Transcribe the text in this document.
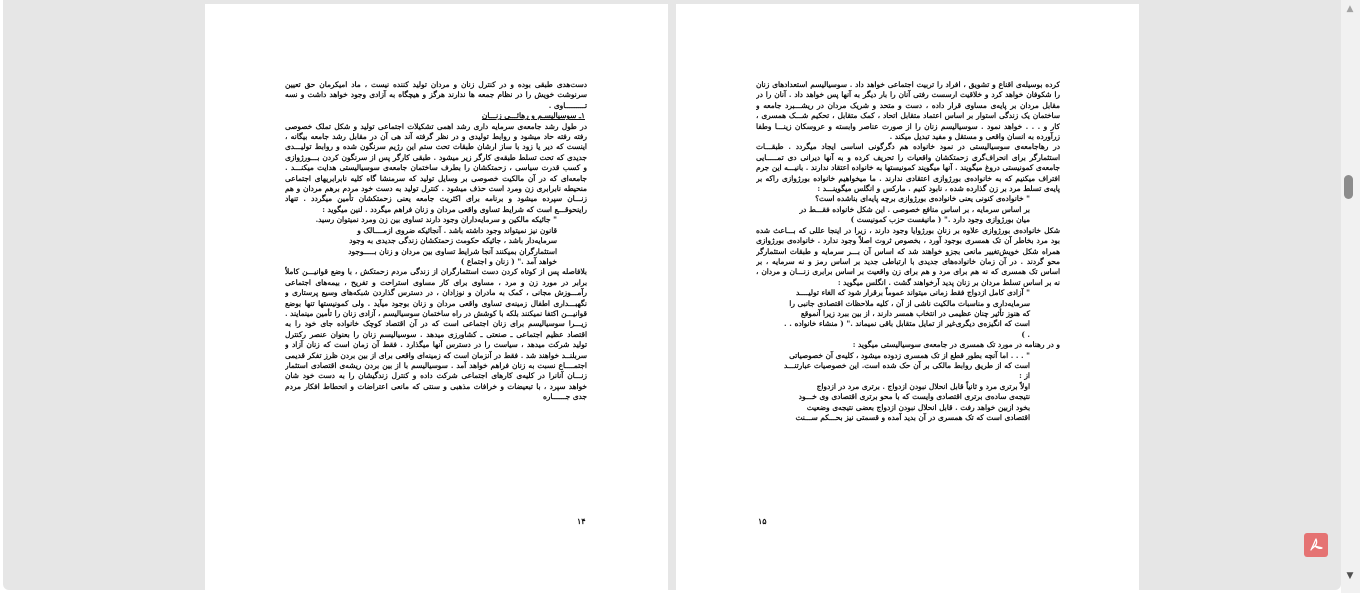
دست‌هدی طبقی بوده و در کنترل زنان و مردان تولید کننده نیست ، ماد امیکرمان حق تعیین سرنوشت خویش را در نظام جمعه ها ندارند هرگز و هیچگاه به آزادی وجود خواهد داشت و نسه تـــــــــاوی .

۱ـ سوسیالیسـم و رهائـــی زنـــان

در طول رشد جامعه‌ی سرمایه داری رشد اهمی تشکیلات اجتماعی تولید و شکل تملک خصوصی رفته رفته حاد میشود و روابط تولیدی و در نظر گرفته آند هی آن در مقابل رشد جامعه بیگانه ، اینست که دیر یا زود با ساز ارشان طبقات تحت ستم این رژیم سرنگون شده و روابط تولیـــدی جدیدی که تحت تسلط طبقه‌ی کارگر زیر میشود . طبقی کارگر پس از سرنگون کردن بـــورژوازی و کسب قدرت سیاسی ، زحمتکشان را بطرف ساختمان جامعه‌ی سوسیالیستی هدایت میکنـــد . جامعه‌ای که در آن مالکیت خصوصی بر وسایل تولید که سرمنشا گاه کلیه نابرابریهای اجتماعی منحیطه نابرابری زن ومرد است حذف میشود . کنترل تولید به دست خود مردم برهم مردان و هم زنـــان سپرده میشود و برنامه برای اکثریت جامعه یعنی زحمتکشان تأمین میگردد . تنهاد راینحوقـــع است که شرایط تساوی واقعی مردان و زنان فراهم میگردد . لنین میگوید :

" جائیکه مالکین و سرمایه‌داران وجود دارند تساوی بین زن ومرد نمیتوان رسید.

قانون نیز نمیتواند وجود داشته باشد . آنجائیکه ضروی ازمــــالک و

سرمایه‌دار باشد ، جائیکه حکومت زحمتکشان زندگی جدیدی به وجود

استثمارگران بمیکنند آنجا شرایط تساوی بین مردان و زنان بـــــوجود

خواهد آمد ." ( زنان و اجتماع )

بلافاصله پس از کوتاه کردن دست استثمارگران از زندگی مردم زحمتکش ، با وضع قوانیـــن کاملاً برابر در مورد زن و مرد ، مساوی برای کار مساوی استراحت و تفریح ، بیمه‌های اجتماعی رآمـــوزش مجانی ، کمک به مادران و نوزادان ، در دسترس گذاردن شبکه‌های وسیع پرستاری و نگهبـــداری اطفال زمینه‌ی تساوی واقعی مردان و زنان بوجود میآید . ولی کمونیستها تنها بوضع قوانیـــن اکتفا نمیکنند بلکه با کوشش در راه ساختمان سوسیالیسم ، آزادی زنان را تأمین مینمایند . زیـــرا سوسیالیسم برای زنان اجتماعی است که در آن اقتصاد کوچک خانواده جای خود را به اقتصاد عظیم اجتماعی ـ صنعتی ـ کشاورزی میدهد . سوسیالیسم زنان را بعنوان عنصر رکنترل تولید شرکت میدهد ، سیاست را در دسترس آنها میگذارد . فقط آن زمان است که زنان آزاد و سربلنــد خواهند شد . فقط در آنزمان است که زمینه‌ای واقعی برای از بین بردن ظرز تفکر قدیمی اجتمــــاع نسبت به زنان فراهم خواهد آمد . سوسیالیسم با از بین بردن ریشه‌ی اقتصادی استثمار زنـــان آنانرا در کلیه‌ی کارهای اجتماعی شرکت داده و کنترل زندگیشان را به دست خود شان خواهد سپرد ، با تبعیضات و خرافات مذهبی و سنتی که مانعی اعتراضات و انحطاط افکار مردم جدی جــــــاره

۱۴

کرده بوسیله‌ی اقناع و تشویق ، افراد را تربیت اجتماعی خواهد داد . سوسیالیسم استعدادهای زنان را شکوفان خواهد کرد و خلاقیت ارسست رفتی آنان را بار دیگر به آنها پس خواهد داد . آنان را در مقابل مردان بر پایه‌ی مساوی قرار داده ، دست و متحد و شریک مردان در ریشـــبرد جامعه و ساختمان یک زندگی استوار بر اساس اعتماد متقابل اتحاد ، کمک متقابل ، تحکیم شـــک همسری ، کار و . . . خواهد نمود . سوسیالیسم زنان را از صورت عناصر وابسته و عروسکان زینـــا وطفا زرآورده به انسان واقعی و مستقل و مفید تبدیل میکند .

در رهاجامعه‌ی سوسیالیستی در نمود خانواده هم دگرگونی اساسی ایجاد میگردد . طبقـــات استثمارگر برای انحراف‌گری زحمتکشان واقعیات را تحریف کرده و به آنها دیرانی دی تمـــــایی جامعه‌ی کمونیستی دروغ میگویند . آنها میگویند کمونیستها به خانواده اعتقاد ندارند . بانیـــه این جرم افتراف میکنیم که به خانواده‌ی بورژوازی اعتقادی ندارند . ما میخواهیم خانواده بورژوازی راکه بر پایه‌ی تسلط مرد بر زن گذارده شده ، نابود کنیم . مارکس و انگلس میگوینـــد :

" خانواده‌ی کنونی یعنی خانواده‌ی بورژوازی برچه پایه‌ای بناشده است؟

بر اساس سرمایه ، بر اساس منافع خصوصی . این شکل خانواده فقـــط در

میان بورژوازی وجود دارد ." ( مانیفست حزب کمونیست )

شکل خانواده‌ی بورژوازی علاوه بر زنان بورژوایا وجود دارند ، زیرا در اینجا عللی که بـــاعث شده بود مرد بخاطر آن تک همسری بوجود آورد ، بخصوص ثروت اصلاً وجود ندارد . خانواده‌ی بورژوازی همراه شکل خویش‌تغییر مانعی بجزو خواهند شد که اساس آن بـــر سرمایه و طبقات استثمارگر محو گردند . در آن زمان خانواده‌های جدیدی با ارتباطی جدید بر اساس رمز و نه سرمایه ، بر اساس تک همسری که نه هم برای مرد و هم برای زن واقعیت بر اساس برابری زنـــان و مردان ، نه بر اساس تسلط مردان بر زنان پدید آرخواهند گشت . انگلس میگوید :

" آزادی کامل ازدواج فقط زمانی میتواند عموماً برقرار شود که الغاء تولیــــد

سرمایه‌داری و مناسبات مالکیت ناشی از آن ، کلیه ملاحظات اقتصادی جانبی را

که هنوز تأثیر چنان عظیمی در انتخاب همسر دارند ، از بین ببرد زیرا آنموقع

است که انگیزه‌ی دیگری‌غیر از تمایل متقابل باقی نمیماند ." ( منشاء خانواده . . . )

و در رهنامه در مورد تک همسری در جامعه‌ی سوسیالیستی میگوید :

" . . . اما آنچه بطور قطع از تک همسری زدوده میشود ، کلیه‌ی آن خصوصیاتی

است که از طریق روابط مالکی بر آن حک شده است. این خصوصیات عبارتنـــد از :

اولاً برتری مرد و ثانیاً قابل انحلال نبودن ازدواج . برتری مرد در ازدواج

نتیجه‌ی ساده‌ی برتری اقتصادی وایست که با محو برتری اقتصادی وی خـــود

بخود ازبین خواهد رفت . قابل انحلال نبودن ازدواج بعضی نتیجه‌ی وضعیت

اقتصادی است که تک همسری در آن بدید آمده و قسمتی نیز بحـــکم ســـنت

۱۵
▲
▼
